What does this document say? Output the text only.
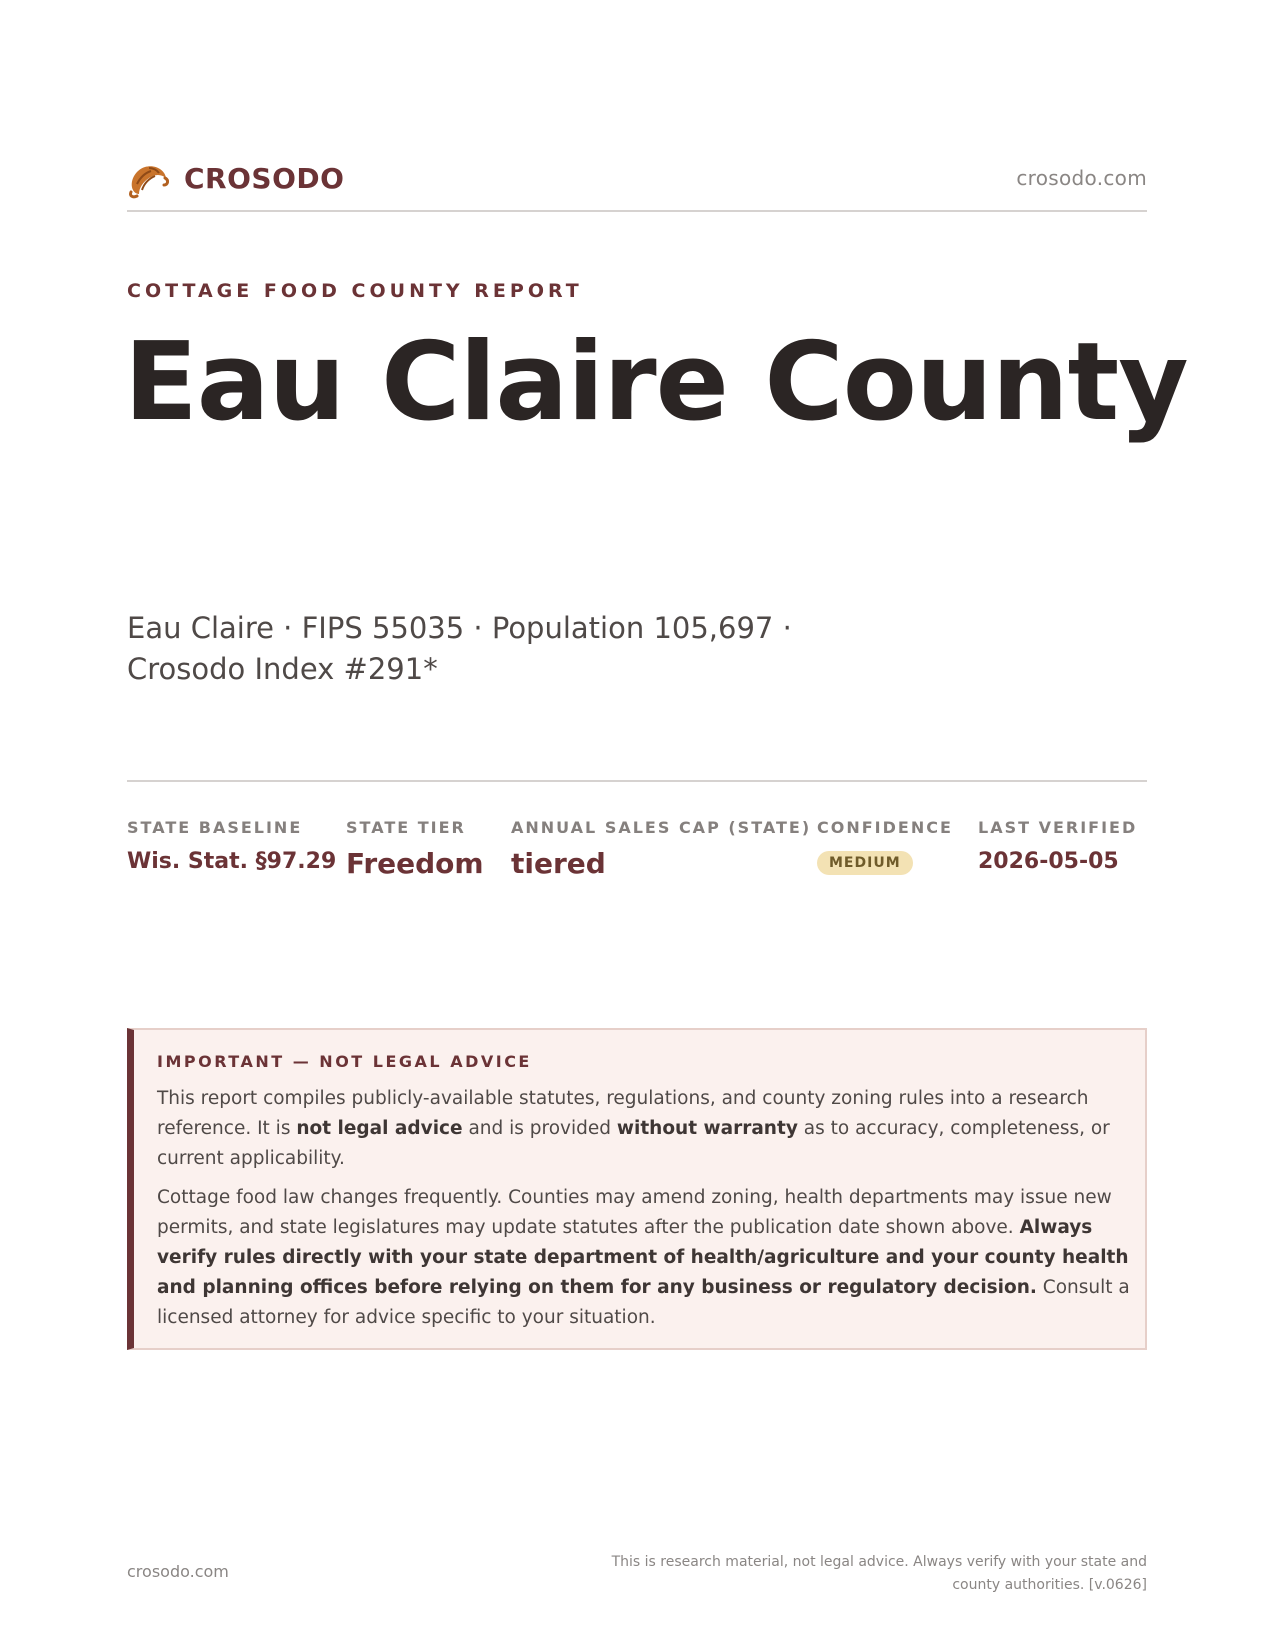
CROSODO	crosodo.com
COTTAGE FOOD COUNTY REPORT
Eau Claire County
Eau Claire · FIPS 55035 · Population 105,697 · Crosodo Index #291*
STATE BASELINE
Wis. Stat. §97.29
STATE TIER
Freedom
ANNUAL SALES CAP (STATE)
tiered
CONFIDENCE
MEDIUM
LAST VERIFIED
2026-05-05
IMPORTANT — NOT LEGAL ADVICE

This report compiles publicly-available statutes, regulations, and county zoning rules into a research reference. It is not legal advice and is provided without warranty as to accuracy, completeness, or current applicability.

Cottage food law changes frequently. Counties may amend zoning, health departments may issue new permits, and state legislatures may update statutes after the publication date shown above. Always verify rules directly with your state department of health/agriculture and your county health and planning offices before relying on them for any business or regulatory decision. Consult a licensed attorney for advice specific to your situation.

crosodo.com	This is research material, not legal advice. Always verify with your state and county authorities. [v.0626]
